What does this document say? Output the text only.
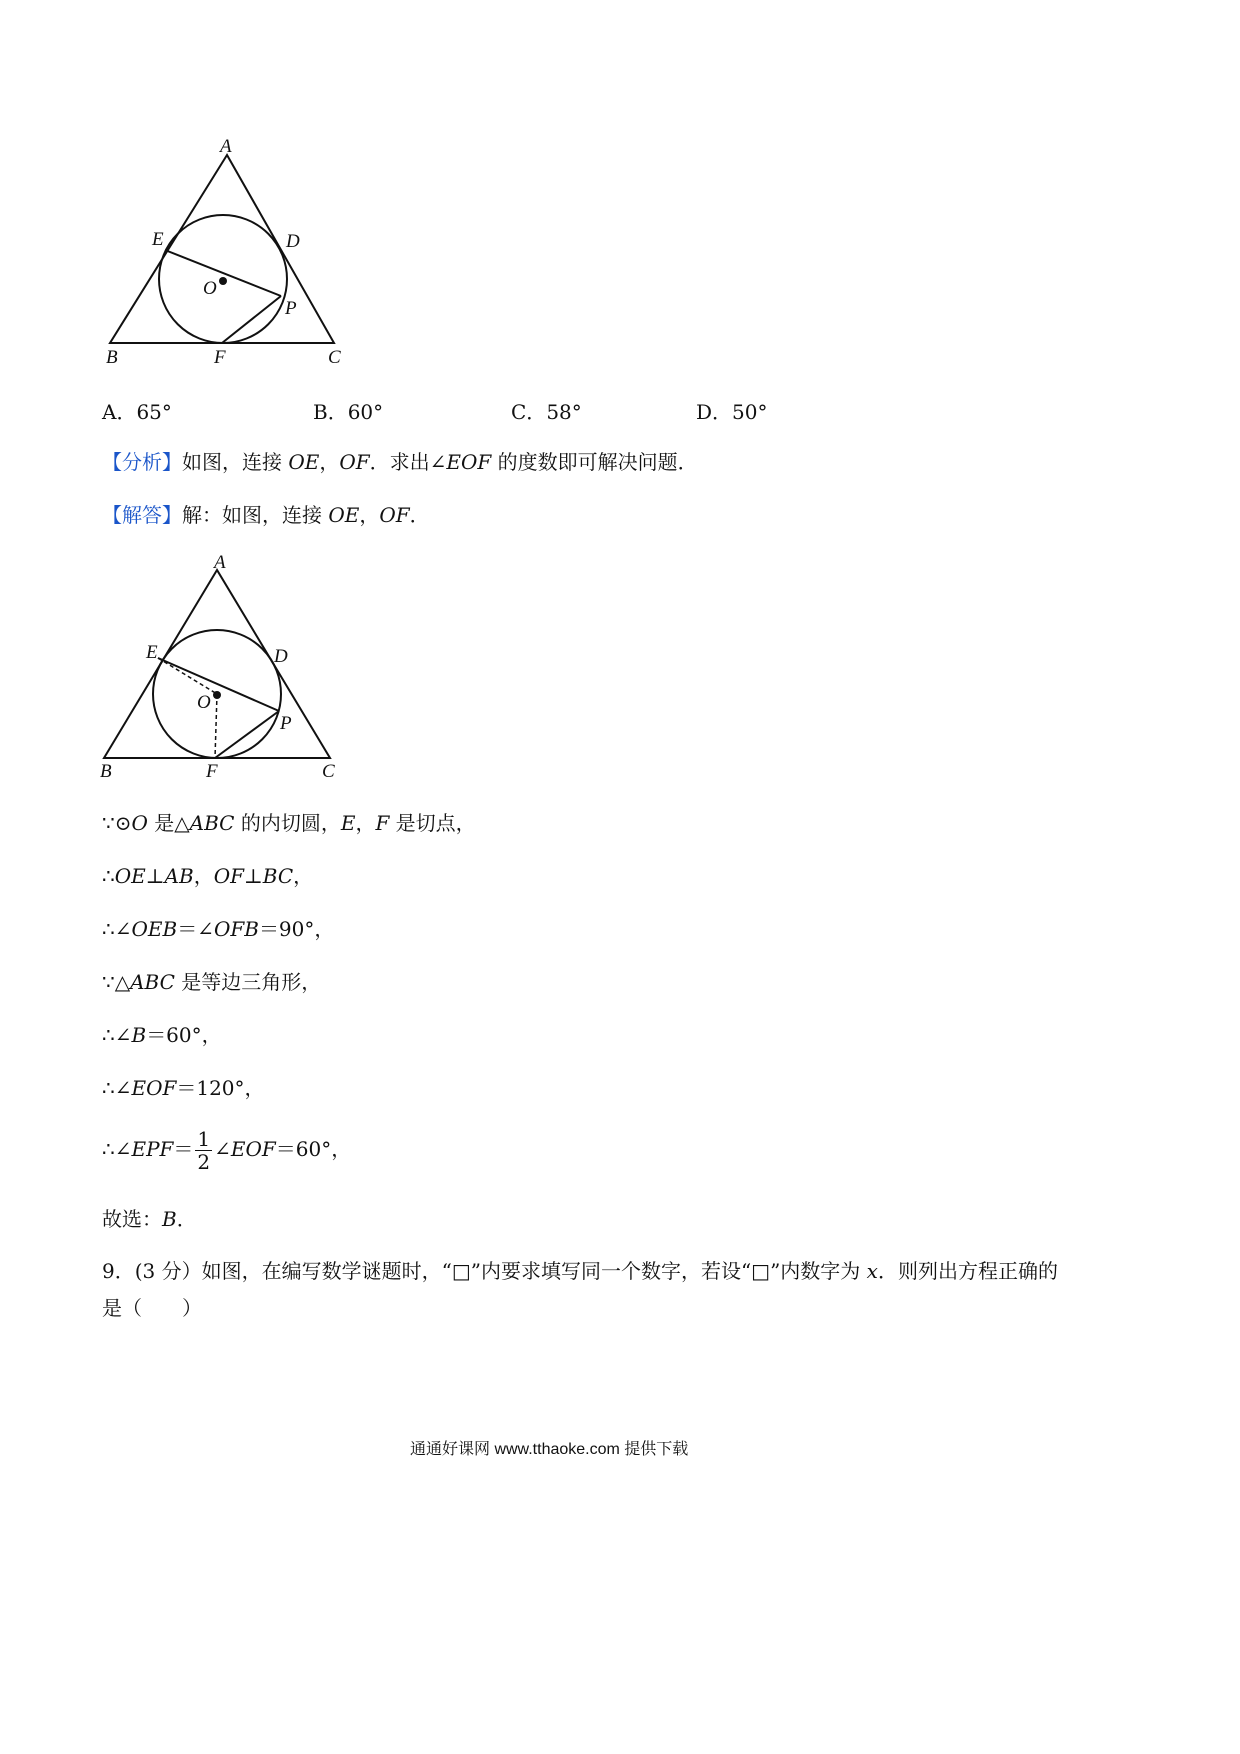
A
E	D
O
P
B	F	C
A．65°	B．60°	C．58°	D．50°
【分析】如图，连接 OE，OF．求出∠EOF 的度数即可解决问题．
【解答】解：如图，连接 OE，OF．
A
E	D
O
P
B	F	C
∵⊙O 是△ABC 的内切圆，E，F 是切点，
∴OE⊥AB，OF⊥BC，
∴∠OEB＝∠OFB＝90°，
∵△ABC 是等边三角形，
∴∠B＝60°，
∴∠EOF＝120°，
∴∠EPF＝ $\frac{1}{2}$ ∠EOF＝60°，
故选：B．
9．(3 分）如图，在编写数学谜题时，“□”内要求填写同一个数字，若设“□”内数字为 x．则列出方程正确的
是（　　）
通通好课网 www.tthaoke.com 提供下载
